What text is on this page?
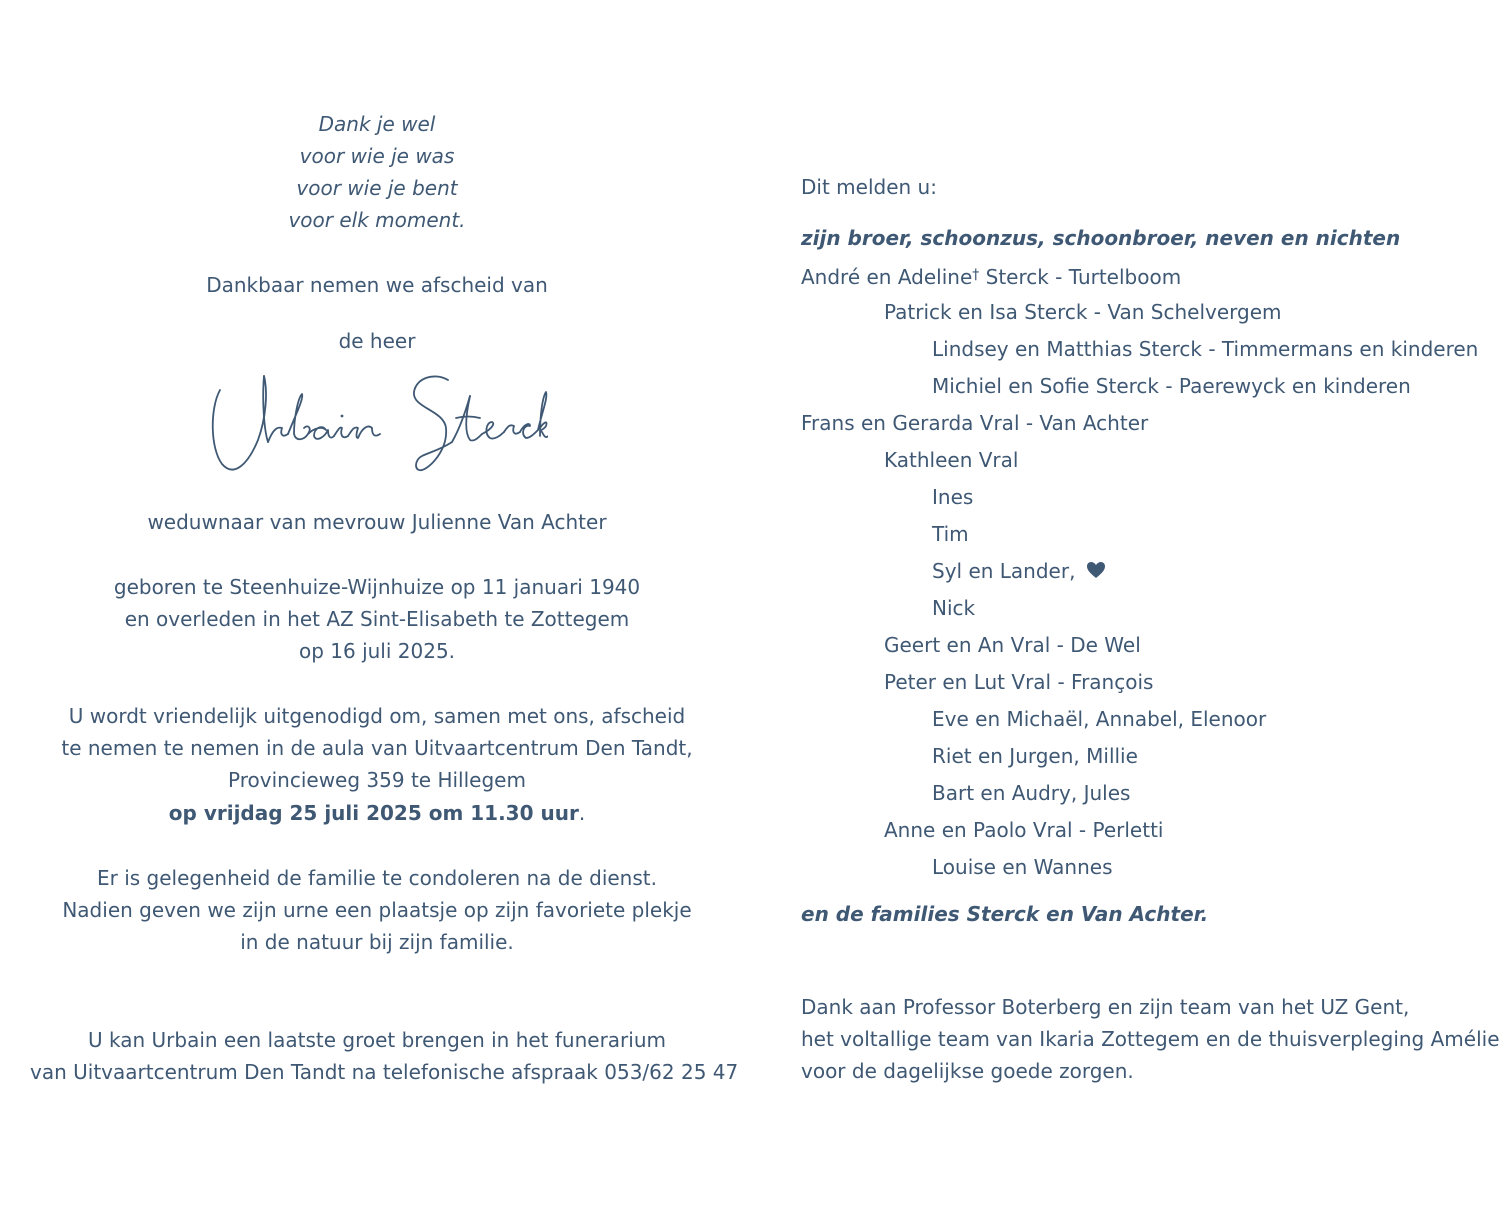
Dank je wel
voor wie je was
voor wie je bent
voor elk moment.
Dankbaar nemen we afscheid van
de heer
weduwnaar van mevrouw Julienne Van Achter
geboren te Steenhuize-Wijnhuize op 11 januari 1940
en overleden in het AZ Sint-Elisabeth te Zottegem
op 16 juli 2025.
U wordt vriendelijk uitgenodigd om, samen met ons, afscheid
te nemen te nemen in de aula van Uitvaartcentrum Den Tandt,
Provincieweg 359 te Hillegem
op vrijdag 25 juli 2025 om 11.30 uur.
Er is gelegenheid de familie te condoleren na de dienst.
Nadien geven we zijn urne een plaatsje op zijn favoriete plekje
in de natuur bij zijn familie.
U kan Urbain een laatste groet brengen in het funerarium
van Uitvaartcentrum Den Tandt na telefonische afspraak 053/62 25 47
Dit melden u:
zijn broer, schoonzus, schoonbroer, neven en nichten
André en Adeline† Sterck - Turtelboom
Patrick en Isa Sterck - Van Schelvergem
Lindsey en Matthias Sterck - Timmermans en kinderen
Michiel en Sofie Sterck - Paerewyck en kinderen
Frans en Gerarda Vral - Van Achter
Kathleen Vral
Ines
Tim
Syl en Lander,
Nick
Geert en An Vral - De Wel
Peter en Lut Vral - François
Eve en Michaël, Annabel, Elenoor
Riet en Jurgen, Millie
Bart en Audry, Jules
Anne en Paolo Vral - Perletti
Louise en Wannes
en de families Sterck en Van Achter.
Dank aan Professor Boterberg en zijn team van het UZ Gent,
het voltallige team van Ikaria Zottegem en de thuisverpleging Amélie
voor de dagelijkse goede zorgen.
